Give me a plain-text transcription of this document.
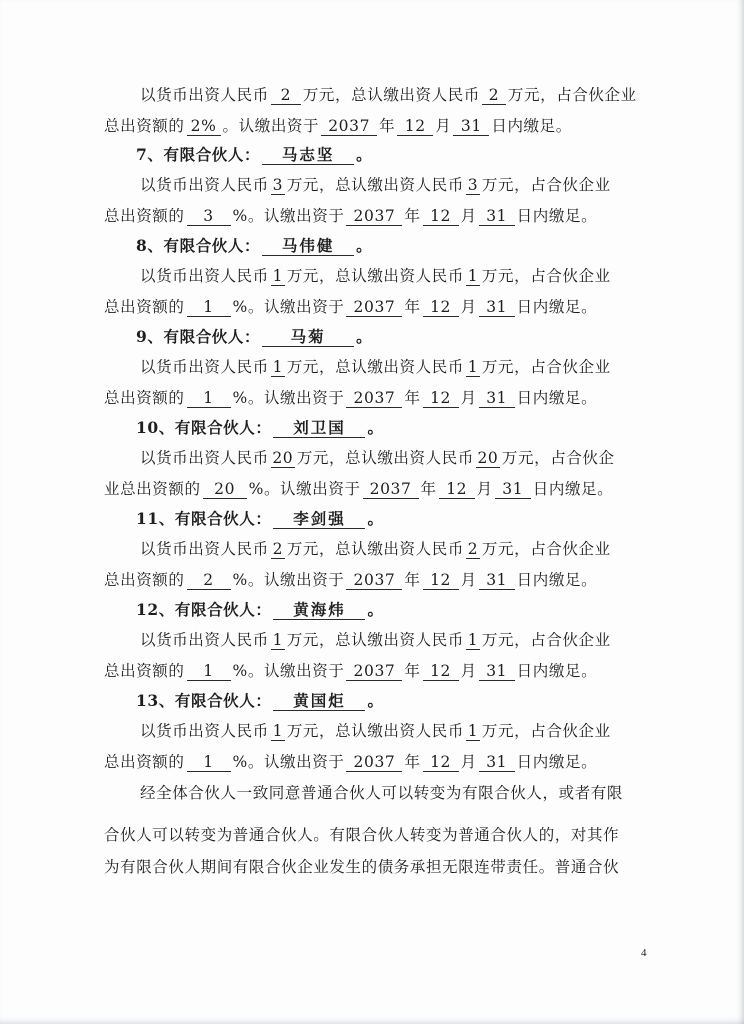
以货币出资人民币 2 万元，总认缴出资人民币 2 万元，占合伙企业
总出资额的 2% 。认缴出资于 2037 年 12 月 31 日内缴足。
7、有限合伙人： 马志坚 。
以货币出资人民币 3 万元，总认缴出资人民币 3 万元，占合伙企业
总出资额的 3 %。认缴出资于 2037 年 12 月 31 日内缴足。
8、有限合伙人： 马伟健 。
以货币出资人民币 1 万元，总认缴出资人民币 1 万元，占合伙企业
总出资额的 1 %。认缴出资于 2037 年 12 月 31 日内缴足。
9、有限合伙人： 马菊 。
以货币出资人民币 1 万元，总认缴出资人民币 1 万元，占合伙企业
总出资额的 1 %。认缴出资于 2037 年 12 月 31 日内缴足。
10、有限合伙人： 刘卫国 。
以货币出资人民币 20 万元，总认缴出资人民币 20 万元，占合伙企
业总出资额的 20 %。认缴出资于 2037 年 12 月 31 日内缴足。
11、有限合伙人： 李剑强 。
以货币出资人民币 2 万元，总认缴出资人民币 2 万元，占合伙企业
总出资额的 2 %。认缴出资于 2037 年 12 月 31 日内缴足。
12、有限合伙人： 黄海炜 。
以货币出资人民币 1 万元，总认缴出资人民币 1 万元，占合伙企业
总出资额的 1 %。认缴出资于 2037 年 12 月 31 日内缴足。
13、有限合伙人： 黄国炬 。
以货币出资人民币 1 万元，总认缴出资人民币 1 万元，占合伙企业
总出资额的 1 %。认缴出资于 2037 年 12 月 31 日内缴足。
经全体合伙人一致同意普通合伙人可以转变为有限合伙人，或者有限
合伙人可以转变为普通合伙人。有限合伙人转变为普通合伙人的，对其作
为有限合伙人期间有限合伙企业发生的债务承担无限连带责任。普通合伙
4
